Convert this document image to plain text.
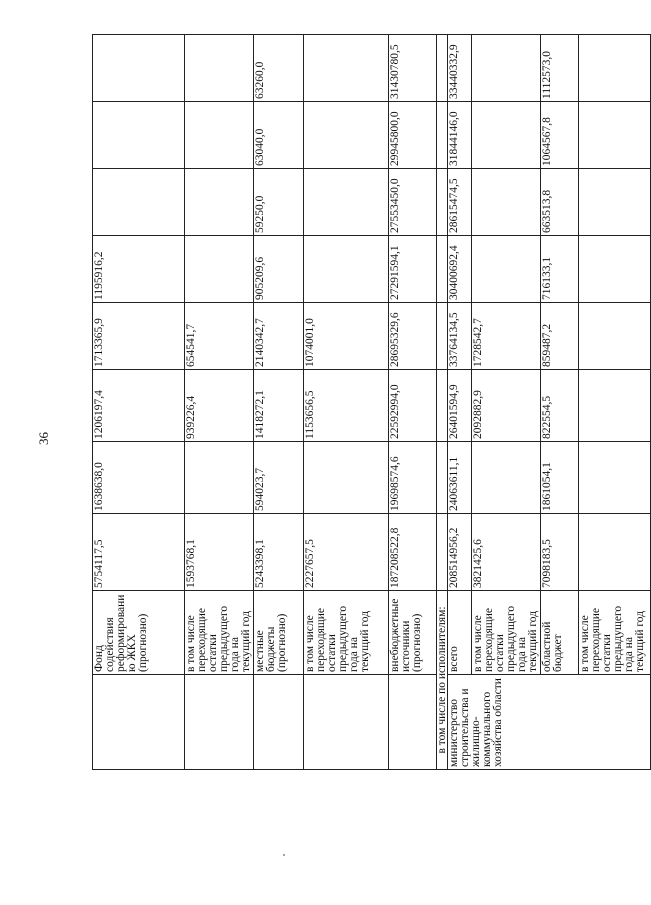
36
	Фонд содействия реформированию ЖКХ (прогнозно)	5754117,5	1638638,0	1206197,4	1713365,9	1195916,2			
	в том числе переходящие остатки предыдущего года на текущий год	1593768,1		939226,4	654541,7				
	местные бюджеты (прогнозно)	5243398,1	594023,7	1418272,1	2140342,7	905209,6	59250,0	63040,0	63260,0
	в том числе переходящие остатки предыдущего года на текущий год	2227657,5		1153656,5	1074001,0				
	внебюджетные источники (прогнозно)	187208522,8	19698574,6	22592994,0	28695329,6	27291594,1	27553450,0	29945800,0	31430780,5
в том числе по исполнителям:									
министерство строительства и жилищно-коммунального хозяйства области	всего	208514956,2	24063611,1	26401594,9	33764134,5	30400692,4	28615474,5	31844146,0	33440332,9
	в том числе переходящие остатки предыдущего года на текущий год	3821425,6		2092882,9	1728542,7				
	областной бюджет	7098183,5	1861054,1	822554,5	859487,2	716133,1	663513,8	1064567,8	1112573,0
	в том числе переходящие остатки предыдущего года на текущий год								
